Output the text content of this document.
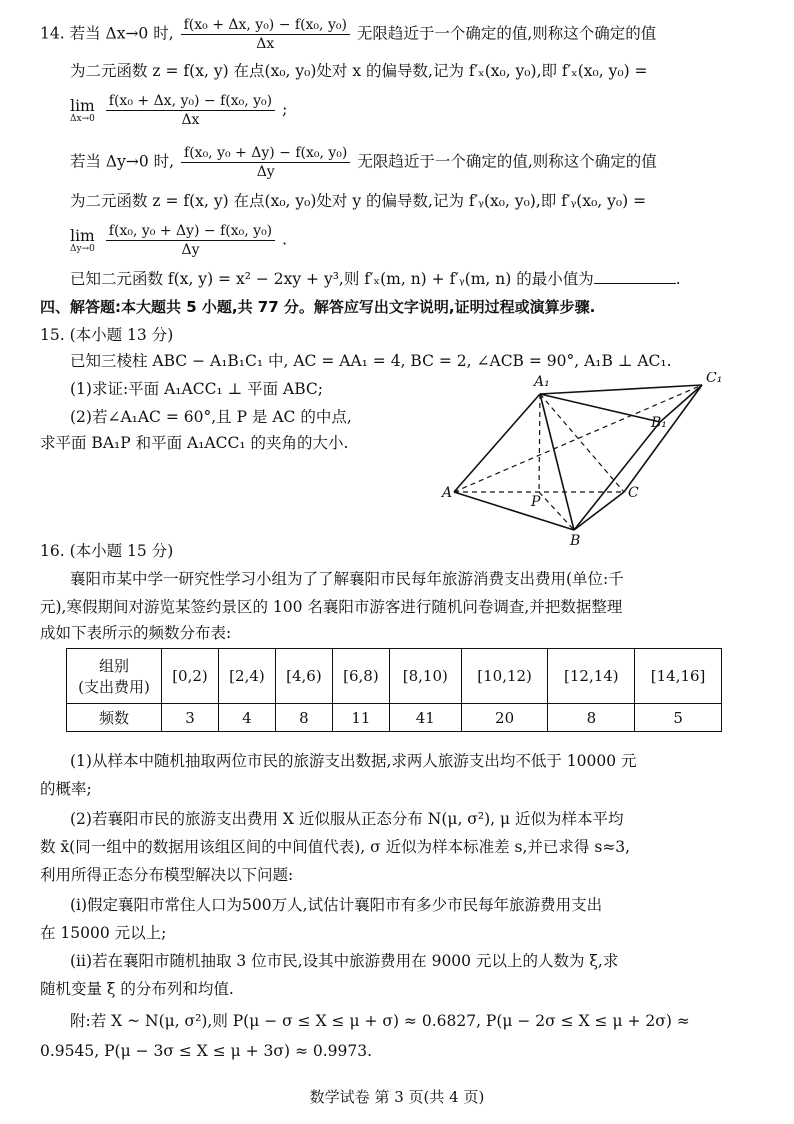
14. 若当 Δx→0 时, $\frac{\text{f(x₀ + Δx, y₀) − f(x₀, y₀)}}{\Delta x}$ 无限趋近于一个确定的值,则称这个确定的值
为二元函数 z = f(x, y) 在点(x₀, y₀)处对 x 的偏导数,记为 f′ₓ(x₀, y₀),即 f′ₓ(x₀, y₀) =
lim
Δx→0
$\frac{\text{f(x₀ + Δx, y₀) − f(x₀, y₀)}}{\Delta x}$ ;
若当 Δy→0 时, $\frac{\text{f(x₀, y₀ + Δy) − f(x₀, y₀)}}{\Delta y}$ 无限趋近于一个确定的值,则称这个确定的值
为二元函数 z = f(x, y) 在点(x₀, y₀)处对 y 的偏导数,记为 f′ᵧ(x₀, y₀),即 f′ᵧ(x₀, y₀) =
lim
Δy→0
$\frac{\text{f(x₀, y₀ + Δy) − f(x₀, y₀)}}{\Delta y}$ .
已知二元函数 f(x, y) = x² − 2xy + y³,则 f′ₓ(m, n) + f′ᵧ(m, n) 的最小值为	.
四、解答题:本大题共 5 小题,共 77 分。解答应写出文字说明,证明过程或演算步骤.
15. (本小题 13 分)
已知三棱柱 ABC − A₁B₁C₁ 中, AC = AA₁ = 4, BC = 2, ∠ACB = 90°, A₁B ⊥ AC₁.
(1)求证:平面 A₁ACC₁ ⊥ 平面 ABC;
(2)若∠A₁AC = 60°,且 P 是 AC 的中点,
求平面 BA₁P 和平面 A₁ACC₁ 的夹角的大小.
A₁	C₁
B₁
A
P
C
B
16. (本小题 15 分)
襄阳市某中学一研究性学习小组为了了解襄阳市民每年旅游消费支出费用(单位:千
元),寒假期间对游览某签约景区的 100 名襄阳市游客进行随机问卷调查,并把数据整理
成如下表所示的频数分布表:
组别
(支出费用)	[0,2)	[2,4)	[4,6)	[6,8)	[8,10)	[10,12)	[12,14)	[14,16]
频数	3	4	8	11	41	20	8	5
(1)从样本中随机抽取两位市民的旅游支出数据,求两人旅游支出均不低于 10000 元
的概率;
(2)若襄阳市民的旅游支出费用 X 近似服从正态分布 N(μ, σ²), μ 近似为样本平均
数 x̄(同一组中的数据用该组区间的中间值代表), σ 近似为样本标准差 s,并已求得 s≈3,
利用所得正态分布模型解决以下问题:
(ⅰ)假定襄阳市常住人口为500万人,试估计襄阳市有多少市民每年旅游费用支出
在 15000 元以上;
(ⅱ)若在襄阳市随机抽取 3 位市民,设其中旅游费用在 9000 元以上的人数为 ξ,求
随机变量 ξ 的分布列和均值.
附:若 X ~ N(μ, σ²),则 P(μ − σ ≤ X ≤ μ + σ) ≈ 0.6827, P(μ − 2σ ≤ X ≤ μ + 2σ) ≈
0.9545, P(μ − 3σ ≤ X ≤ μ + 3σ) ≈ 0.9973.
数学试卷 第 3 页(共 4 页)
